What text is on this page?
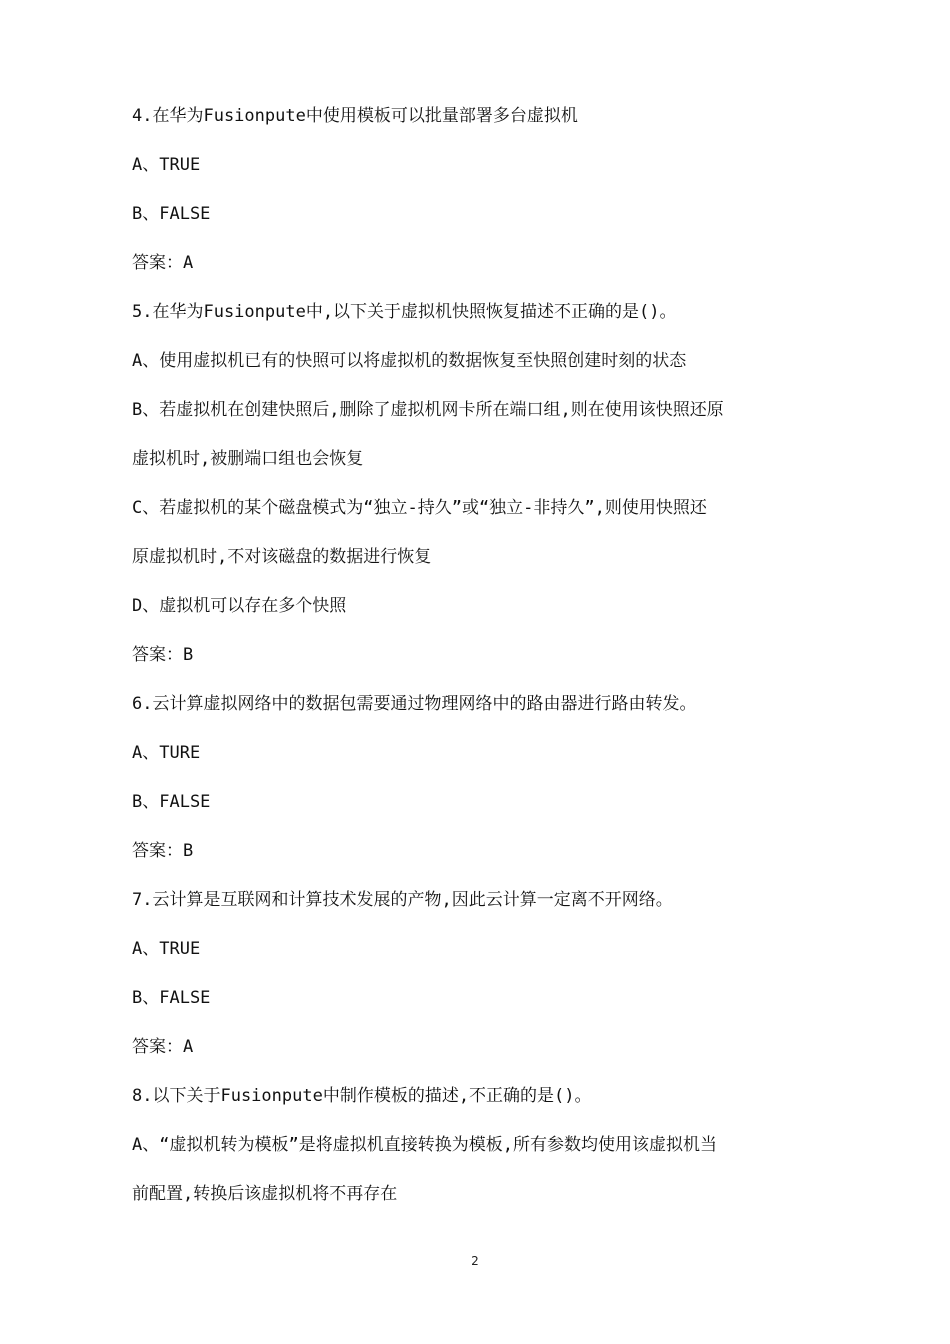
4.在华为Fusionpute中使用模板可以批量部署多台虚拟机
A、TRUE
B、FALSE
答案：A
5.在华为Fusionpute中,以下关于虚拟机快照恢复描述不正确的是()。
A、使用虚拟机已有的快照可以将虚拟机的数据恢复至快照创建时刻的状态
B、若虚拟机在创建快照后,删除了虚拟机网卡所在端口组,则在使用该快照还原
虚拟机时,被删端口组也会恢复
C、若虚拟机的某个磁盘模式为“独立-持久”或“独立-非持久”,则使用快照还
原虚拟机时,不对该磁盘的数据进行恢复
D、虚拟机可以存在多个快照
答案：B
6.云计算虚拟网络中的数据包需要通过物理网络中的路由器进行路由转发。
A、TURE
B、FALSE
答案：B
7.云计算是互联网和计算技术发展的产物,因此云计算一定离不开网络。
A、TRUE
B、FALSE
答案：A
8.以下关于Fusionpute中制作模板的描述,不正确的是()。
A、“虚拟机转为模板”是将虚拟机直接转换为模板,所有参数均使用该虚拟机当
前配置,转换后该虚拟机将不再存在
2
